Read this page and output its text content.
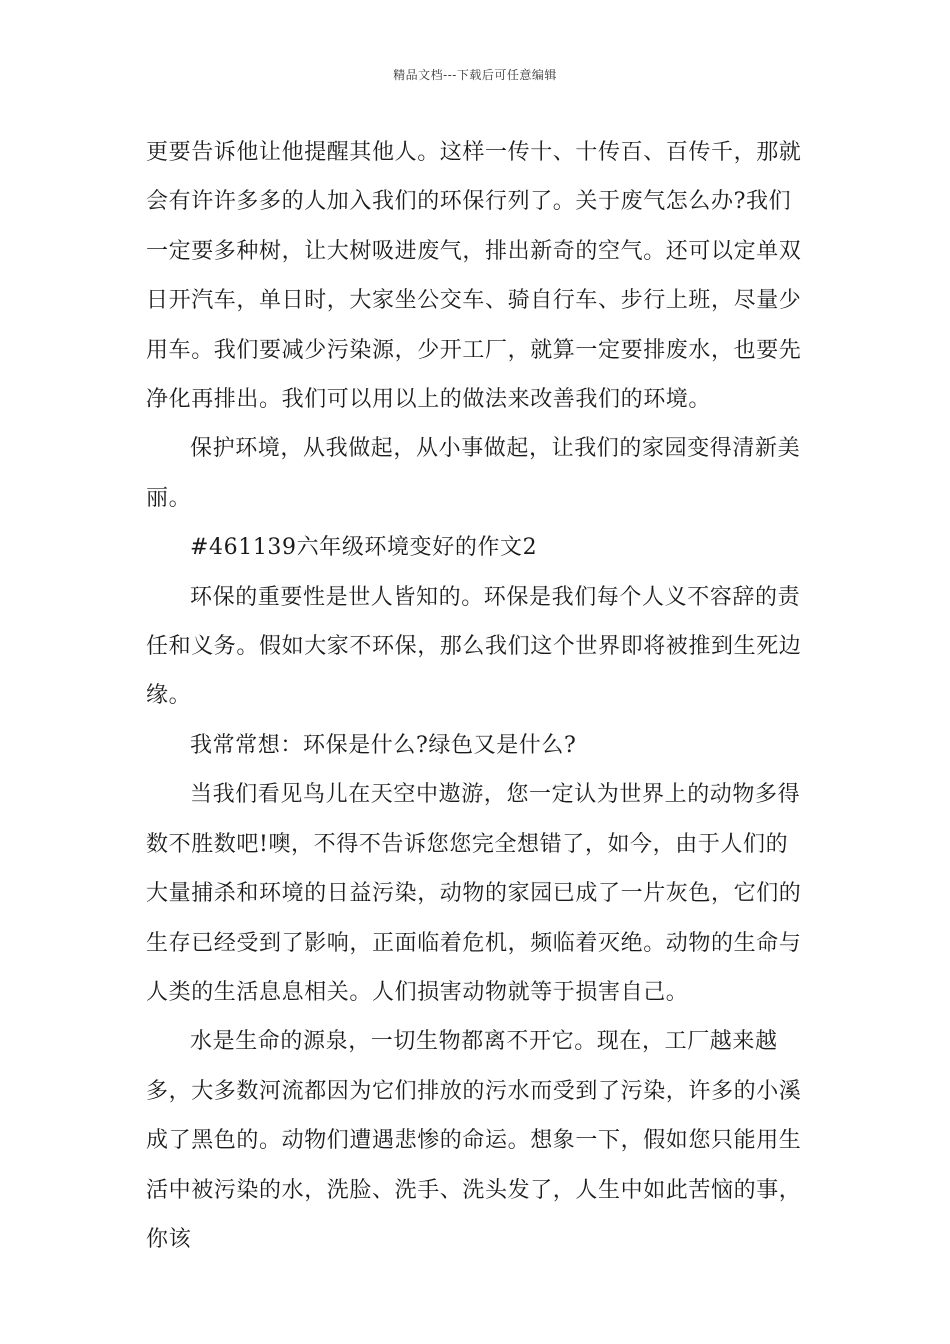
精品文档---下载后可任意编辑

更要告诉他让他提醒其他人。这样一传十、十传百、百传千，那就会有许许多多的人加入我们的环保行列了。关于废气怎么办?我们一定要多种树，让大树吸进废气，排出新奇的空气。还可以定单双日开汽车，单日时，大家坐公交车、骑自行车、步行上班，尽量少用车。我们要减少污染源，少开工厂，就算一定要排废水，也要先净化再排出。我们可以用以上的做法来改善我们的环境。

保护环境，从我做起，从小事做起，让我们的家园变得清新美丽。

#461139六年级环境变好的作文2

环保的重要性是世人皆知的。环保是我们每个人义不容辞的责任和义务。假如大家不环保，那么我们这个世界即将被推到生死边缘。

我常常想：环保是什么?绿色又是什么?

当我们看见鸟儿在天空中遨游，您一定认为世界上的动物多得数不胜数吧!噢，不得不告诉您您完全想错了，如今，由于人们的大量捕杀和环境的日益污染，动物的家园已成了一片灰色，它们的生存已经受到了影响，正面临着危机，频临着灭绝。动物的生命与人类的生活息息相关。人们损害动物就等于损害自己。

水是生命的源泉，一切生物都离不开它。现在，工厂越来越多，大多数河流都因为它们排放的污水而受到了污染，许多的小溪成了黑色的。动物们遭遇悲惨的命运。想象一下，假如您只能用生活中被污染的水，洗脸、洗手、洗头发了，人生中如此苦恼的事，你该
